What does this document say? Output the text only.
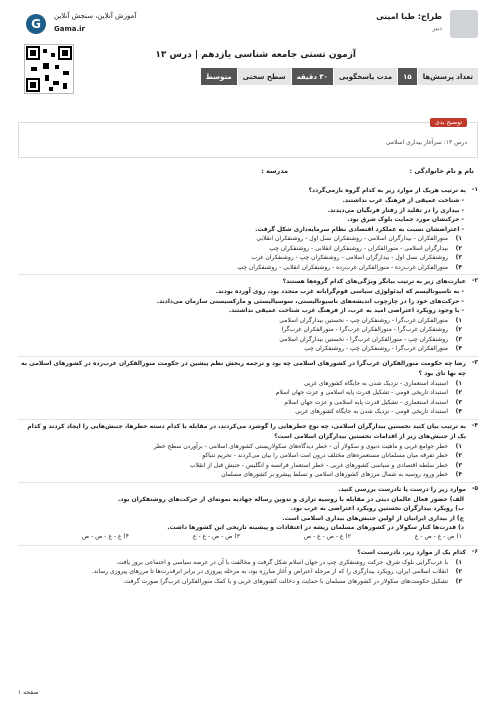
طراح: طبا امینی
دبیر
G
آموزش آنلاین، سنجش آنلاین
Gama.ir
آزمون تستی جامعه شناسی یازدهم | درس ۱۳
تعداد پرسش‌ها
۱۵
مدت پاسخگویی
۳۰ دقیقه
سطح سختی
متوسط
توضیح بدی
درس ۱۳: سرآغاز بیداری اسلامی
نام و نام خانوادگی :
مدرسه :
۱-
به ترتیب هریک از موارد زیر به کدام گروه بازمی‌گردد؟
- شناخت عمیقی از فرهنگ غرب نداشتند.
- بیداری را در تقلید از رفتار فرنگیان می‌دیدند.
- حرکتشان مورد حمایت بلوک شرق بود.
- اعتراضشان نسبت به عملکرد اقتصادی نظام سرمایه‌داری شکل گرفت.
۱)
منورالفکران - بیدارگران اسلامی - روشنفکران نسل اول - روشنفکران انقلابی
۲)
بیدارگران اسلامی - منورالفکران - روشنفکران انقلابی - روشنفکران چپ
۳)
روشنفکران نسل اول - بیدارگران اسلامی - روشنفکران چپ - روشنفکران غرب
۴)
منورالفکران غرب‌زده - منورالفکران غرب‌زده - روشنفکران انقلابی - روشنفکران چپ
۲-
عبارت‌های زیر به ترتیب بیانگر ویژگی‌های کدام گروه‌ها هستند؟
- به ناسیونالیسم که ایدئولوژی سیاسی قوم‌گرایانه غرب متجدد بود، روی آورده بودند.
- حرکت‌های خود را در چارچوب اندیشه‌های ناسیونالیستی، سوسیالیستی و مارکسیستی سازمان می‌دادند.
- با وجود رویکرد اعتراضی امید به غرب، از فرهنگ غرب شناخت عمیقی نداشتند.
۱)
منورالفکران غرب‌گرا - روشنفکران چپ - نخستین بیدارگران اسلامی
۲)
روشنفکران غرب‌گرا - منورالفکران غرب‌گرا - منورالفکران غرب‌گرا
۳)
روشنفکران چپ - منورالفکران غرب‌گرا - نخستین بیدارگران اسلامی
۴)
منورالفکران غرب‌گرا - روشنفکران چپ - روشنفکران چپ
۳-
رضا چه حکومت منورالفکران غرب‌گرا در کشورهای اسلامی چه بود و ترجمه ربخش نظم پیشین در حکومت منورالفکران غرب‌زده در کشورهای اسلامی به چه نها تای بود ؟
۱)
استبداد استعماری - نزدیک شدن به جایگاه کشورهای غربی
۲)
استبداد تاریخی قومی - تشکیل قدرت پایه اسلامی و عزت جهان اسلام
۳)
استبداد استعماری - تشکیل قدرت پایه اسلامی و عزت جهان اسلام
۴)
استبداد تاریخی قومی - نزدیک شدن به جایگاه کشورهای غربی
۴-
به ترتیب بیان کنید نخستین بیدارگران اسلامی، چه نوع خطرهایی را گوشزد می‌کردند، در مقابله با کدام دسته خطرها، جنبش‌هایی را ایجاد کردند و کدام یک از جنبش‌های زیر از اقدامات نخستین بیدارگران اسلامی است؟
۱)
خطر جوامع غربی و ماهیت دنیوی و سکولار آن - خطر دیدگاه‌های سکولاریستی کشورهای اسلامی - برآوردن سطح خطر
۲)
خطر تفرقه میان مسلمانان مستعمره‌های مختلف درون امت اسلامی را بیان می‌کردند - تحریم تنباکو
۳)
خطر سلطه اقتصادی و سیاسی کشورهای غربی - خطر استعمار فرانسه و انگلیس - جنبش قبل از انقلاب
۴)
خطر ورود روسیه به شمال مرزهای کشورهای اسلامی و تسلط پیشرو بر کشورهای مسلمان
۵-
موارد زیر را درست یا نادرست بررسی کنید.
الف) حضور فعال عالمان دینی در مقابله با روسیه تزاری و تدوین رساله جهادیه نمونه‌ای از حرکت‌های روشنفکران بود.
ب) رویکرد بیدارگران نخستین رویکرد اعتراضی به غرب بود.
ج) از بیداری ایرانیان از اولین جنبش‌های بیداری اسلامی است.
د) قدرت‌ها کنار سکولار در کشورهای مسلمان ریشه در اعتقادات و پیشینه تاریخی این کشورها داشت.
۱) ص - غ - ص - غ
۲) غ - ص - غ - ص
۳) ص - ص - غ - غ
۴) غ - غ - ص - ص
۶-
کدام یک از موارد زیر، نادرست است؟
۱)
با غرب‌گرایی بلوک شرق، حرکت روشنفکری چپ در جهان اسلام شکل گرفت و مخالفت با آن در عرصه سیاسی و اجتماعی بروز یافت.
۲)
انقلاب اسلامی ایران، رویکرد بیدارگری را که از مرحله اعتراض و آغاز مبارزه بود، به مرحله پیروزی در برابر ابرقدرت‌ها تا مرزهای پیروزی رساند.
۳)
تشکیل حکومت‌های سکولار در کشورهای مسلمان با حمایت و دخالت کشورهای غربی و با کمک منورالفکران غرب‌گرا صورت گرفت.
صفحه ۱
